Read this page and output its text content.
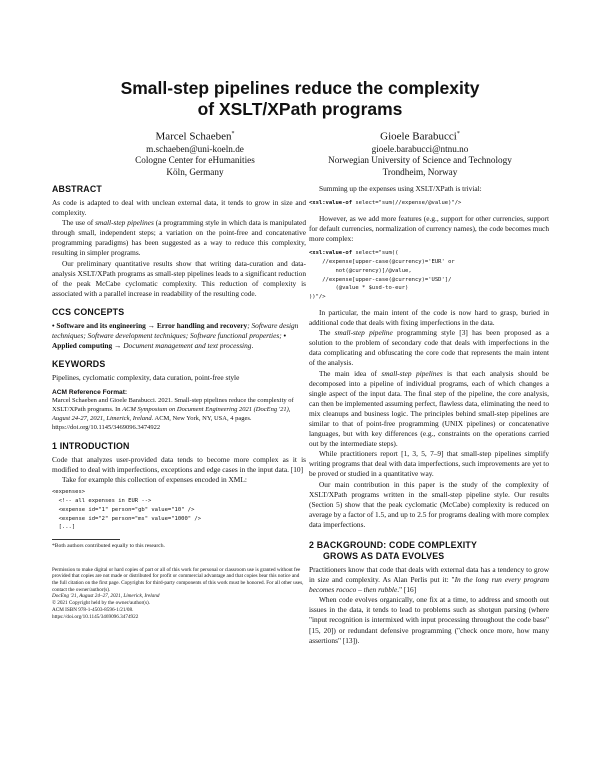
Small-step pipelines reduce the complexity
of XSLT/XPath programs
Marcel Schaeben*
m.schaeben@uni-koeln.de
Cologne Center for eHumanities
Köln, Germany
Gioele Barabucci*
gioele.barabucci@ntnu.no
Norwegian University of Science and Technology
Trondheim, Norway
ABSTRACT

As code is adapted to deal with unclean external data, it tends to grow in size and complexity.

The use of small-step pipelines (a programming style in which data is manipulated through small, independent steps; a variation on the point-free and concatenative programming paradigms) has been suggested as a way to reduce this complexity, resulting in simpler programs.

Our preliminary quantitative results show that writing data-curation and data-analysis XSLT/XPath programs as small-step pipelines leads to a significant reduction of the peak McCabe cyclomatic complexity. This reduction of complexity is associated with a parallel increase in readability of the resulting code.

CCS CONCEPTS

• Software and its engineering → Error handling and recovery; Software design techniques; Software development techniques; Software functional properties; • Applied computing → Document management and text processing.

KEYWORDS

Pipelines, cyclomatic complexity, data curation, point-free style

ACM Reference Format:
Marcel Schaeben and Gioele Barabucci. 2021. Small-step pipelines reduce the complexity of XSLT/XPath programs. In ACM Symposium on Document Engineering 2021 (DocEng '21), August 24-27, 2021, Limerick, Ireland. ACM, New York, NY, USA, 4 pages. https://doi.org/10.1145/3469096.3474922
1 INTRODUCTION

Code that analyzes user-provided data tends to become more complex as it is modified to deal with imperfections, exceptions and edge cases in the input data. [10]

Take for example this collection of expenses encoded in XML:

<expenses>
<!-- all expenses in EUR -->
<expense id="1" person="gb" value="10" />
<expense id="2" person="ms" value="1000" />
[...]
*Both authors contributed equally to this research.
Permission to make digital or hard copies of part or all of this work for personal or classroom use is granted without fee provided that copies are not made or distributed for profit or commercial advantage and that copies bear this notice and the full citation on the first page. Copyrights for third-party components of this work must be honored. For all other uses, contact the owner/author(s).
DocEng '21, August 24–27, 2021, Limerick, Ireland
© 2021 Copyright held by the owner/author(s).
ACM ISBN 978-1-4503-8596-1/21/08.
https://doi.org/10.1145/3469096.3474922

Summing up the expenses using XSLT/XPath is trivial:

<xsl:value-of select="sum(//expense/@value)"/>

However, as we add more features (e.g., support for other currencies, support for default currencies, normalization of currency names), the code becomes much more complex:

<xsl:value-of select="sum((
//expense[upper-case(@currency)='EUR' or
not(@currency)]/@value,
//expense[upper-case(@currency)='USD']/
(@value * $usd-to-eur)
))"/>

In particular, the main intent of the code is now hard to grasp, buried in additional code that deals with fixing imperfections in the data.

The small-step pipeline programming style [3] has been proposed as a solution to the problem of secondary code that deals with imperfections in the data complicating and obfuscating the core code that represents the main intent of the analysis.

The main idea of small-step pipelines is that each analysis should be decomposed into a pipeline of individual programs, each of which changes a single aspect of the input data. The final step of the pipeline, the core analysis, can then be implemented assuming perfect, flawless data, eliminating the need to mix cleanups and business logic. The principles behind small-step pipelines are similar to that of point-free programming (UNIX pipelines) or concatenative languages, but with key differences (e.g., constraints on the operations carried out by the intermediate steps).

While practitioners report [1, 3, 5, 7–9] that small-step pipelines simplify writing programs that deal with data imperfections, such improvements are yet to be proved or studied in a quantitative way.

Our main contribution in this paper is the study of the complexity of XSLT/XPath programs written in the small-step pipeline style. Our results (Section 5) show that the peak cyclomatic (McCabe) complexity is reduced on average by a factor of 1.5, and up to 2.5 for programs dealing with more complex data imperfections.

2 BACKGROUND: CODE COMPLEXITY
GROWS AS DATA EVOLVES

Practitioners know that code that deals with external data has a tendency to grow in size and complexity. As Alan Perlis put it: "In the long run every program becomes rococo – then rubble." [16]

When code evolves organically, one fix at a time, to address and smooth out issues in the data, it tends to lead to problems such as shotgun parsing (where "input recognition is intermixed with input processing throughout the code base" [15, 20]) or redundant defensive programming ("check once more, how many assertions" [13]).
